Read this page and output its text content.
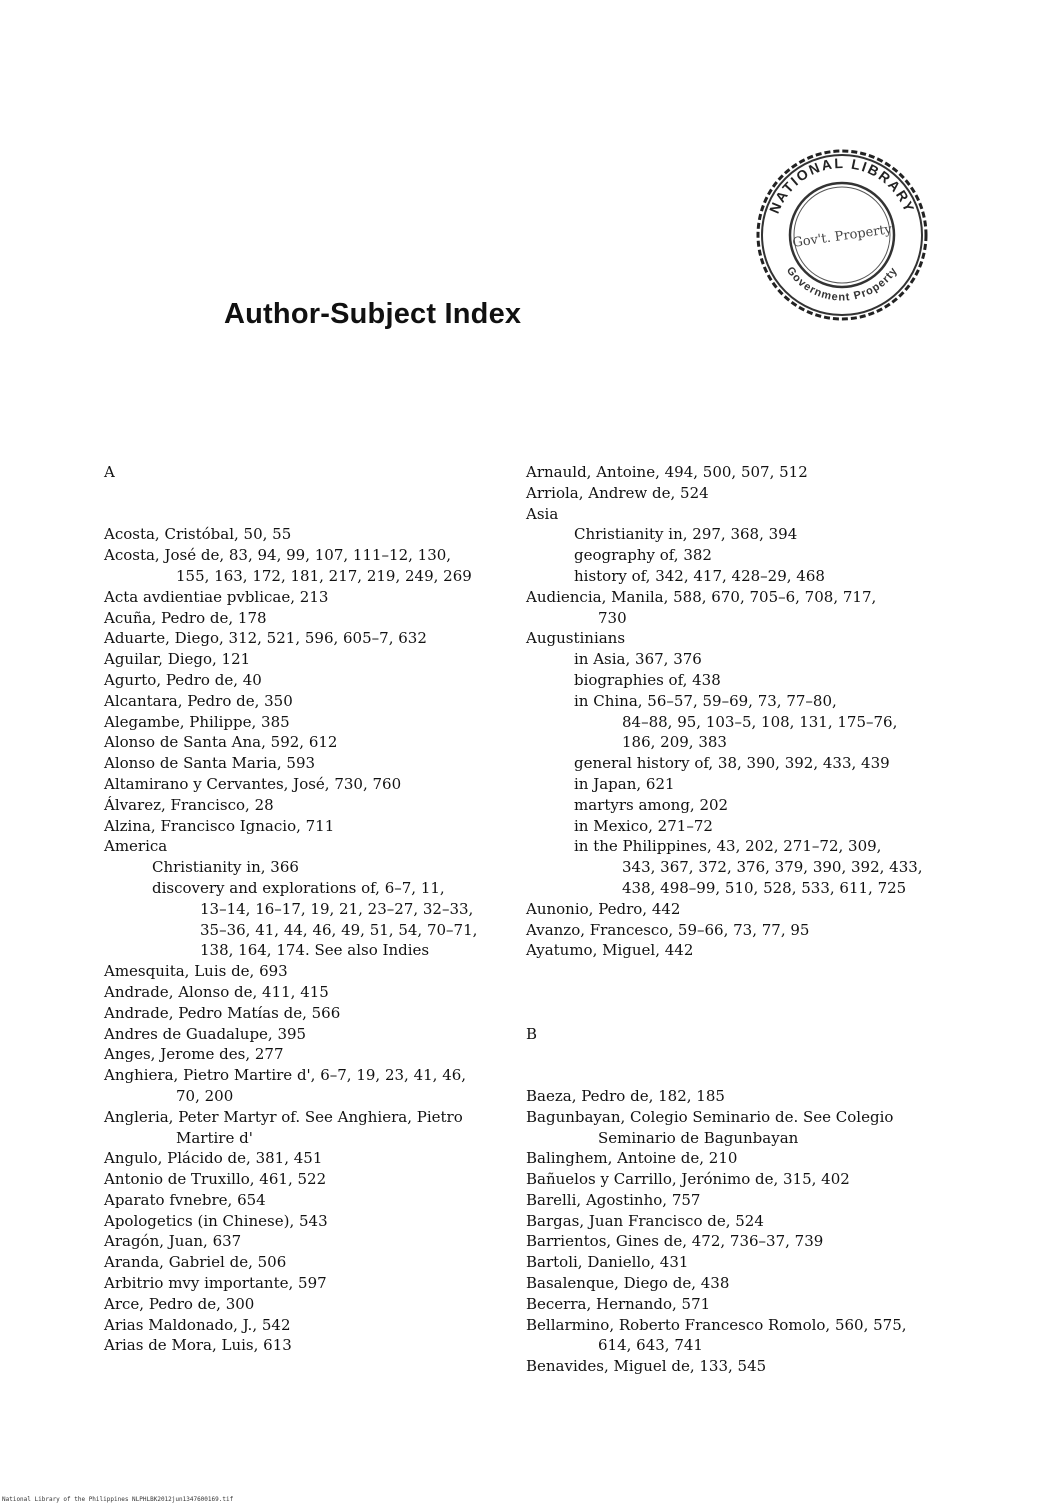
NATIONAL LIBRARY
Government Property
Gov't. Property
Author-Subject Index
A
Acosta, Cristóbal, 50, 55
Acosta, José de, 83, 94, 99, 107, 111–12, 130,
155, 163, 172, 181, 217, 219, 249, 269
Acta avdientiae pvblicae, 213
Acuña, Pedro de, 178
Aduarte, Diego, 312, 521, 596, 605–7, 632
Aguilar, Diego, 121
Agurto, Pedro de, 40
Alcantara, Pedro de, 350
Alegambe, Philippe, 385
Alonso de Santa Ana, 592, 612
Alonso de Santa Maria, 593
Altamirano y Cervantes, José, 730, 760
Álvarez, Francisco, 28
Alzina, Francisco Ignacio, 711
America
Christianity in, 366
discovery and explorations of, 6–7, 11,
13–14, 16–17, 19, 21, 23–27, 32–33,
35–36, 41, 44, 46, 49, 51, 54, 70–71,
138, 164, 174. See also Indies
Amesquita, Luis de, 693
Andrade, Alonso de, 411, 415
Andrade, Pedro Matías de, 566
Andres de Guadalupe, 395
Anges, Jerome des, 277
Anghiera, Pietro Martire d', 6–7, 19, 23, 41, 46,
70, 200
Angleria, Peter Martyr of. See Anghiera, Pietro
Martire d'
Angulo, Plácido de, 381, 451
Antonio de Truxillo, 461, 522
Aparato fvnebre, 654
Apologetics (in Chinese), 543
Aragón, Juan, 637
Aranda, Gabriel de, 506
Arbitrio mvy importante, 597
Arce, Pedro de, 300
Arias Maldonado, J., 542
Arias de Mora, Luis, 613
Arnauld, Antoine, 494, 500, 507, 512
Arriola, Andrew de, 524
Asia
Christianity in, 297, 368, 394
geography of, 382
history of, 342, 417, 428–29, 468
Audiencia, Manila, 588, 670, 705–6, 708, 717,
730
Augustinians
in Asia, 367, 376
biographies of, 438
in China, 56–57, 59–69, 73, 77–80,
84–88, 95, 103–5, 108, 131, 175–76,
186, 209, 383
general history of, 38, 390, 392, 433, 439
in Japan, 621
martyrs among, 202
in Mexico, 271–72
in the Philippines, 43, 202, 271–72, 309,
343, 367, 372, 376, 379, 390, 392, 433,
438, 498–99, 510, 528, 533, 611, 725
Aunonio, Pedro, 442
Avanzo, Francesco, 59–66, 73, 77, 95
Ayatumo, Miguel, 442
B
Baeza, Pedro de, 182, 185
Bagunbayan, Colegio Seminario de. See Colegio
Seminario de Bagunbayan
Balinghem, Antoine de, 210
Bañuelos y Carrillo, Jerónimo de, 315, 402
Barelli, Agostinho, 757
Bargas, Juan Francisco de, 524
Barrientos, Gines de, 472, 736–37, 739
Bartoli, Daniello, 431
Basalenque, Diego de, 438
Becerra, Hernando, 571
Bellarmino, Roberto Francesco Romolo, 560, 575,
614, 643, 741
Benavides, Miguel de, 133, 545
National Library of the Philippines NLPHLBK2012jun1347600169.tif
